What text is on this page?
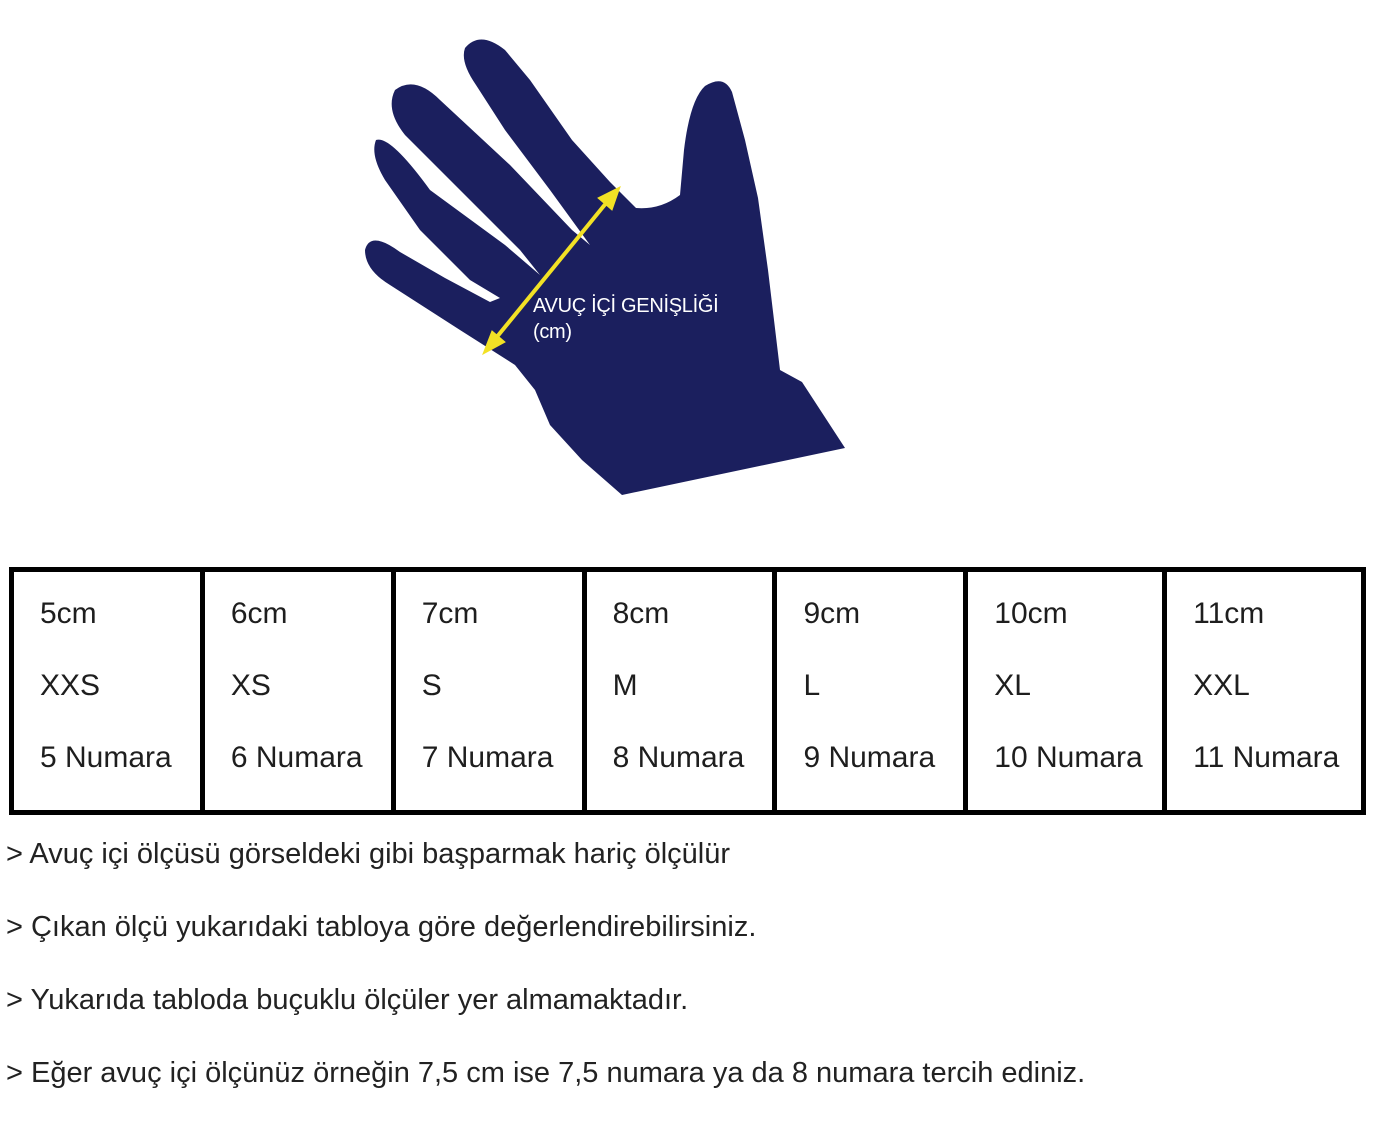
AVUÇ İÇİ GENİŞLİĞİ
(cm)
5cm
XXS
5 Numara
6cm
XS
6 Numara
7cm
S
7 Numara
8cm
M
8 Numara
9cm
L
9 Numara
10cm
XL
10 Numara
11cm
XXL
11 Numara

> Avuç içi ölçüsü görseldeki gibi başparmak hariç ölçülür

> Çıkan ölçü yukarıdaki tabloya göre değerlendirebilirsiniz.

> Yukarıda tabloda buçuklu ölçüler yer almamaktadır.

> Eğer avuç içi ölçünüz örneğin 7,5 cm ise 7,5 numara ya da 8 numara tercih ediniz.
